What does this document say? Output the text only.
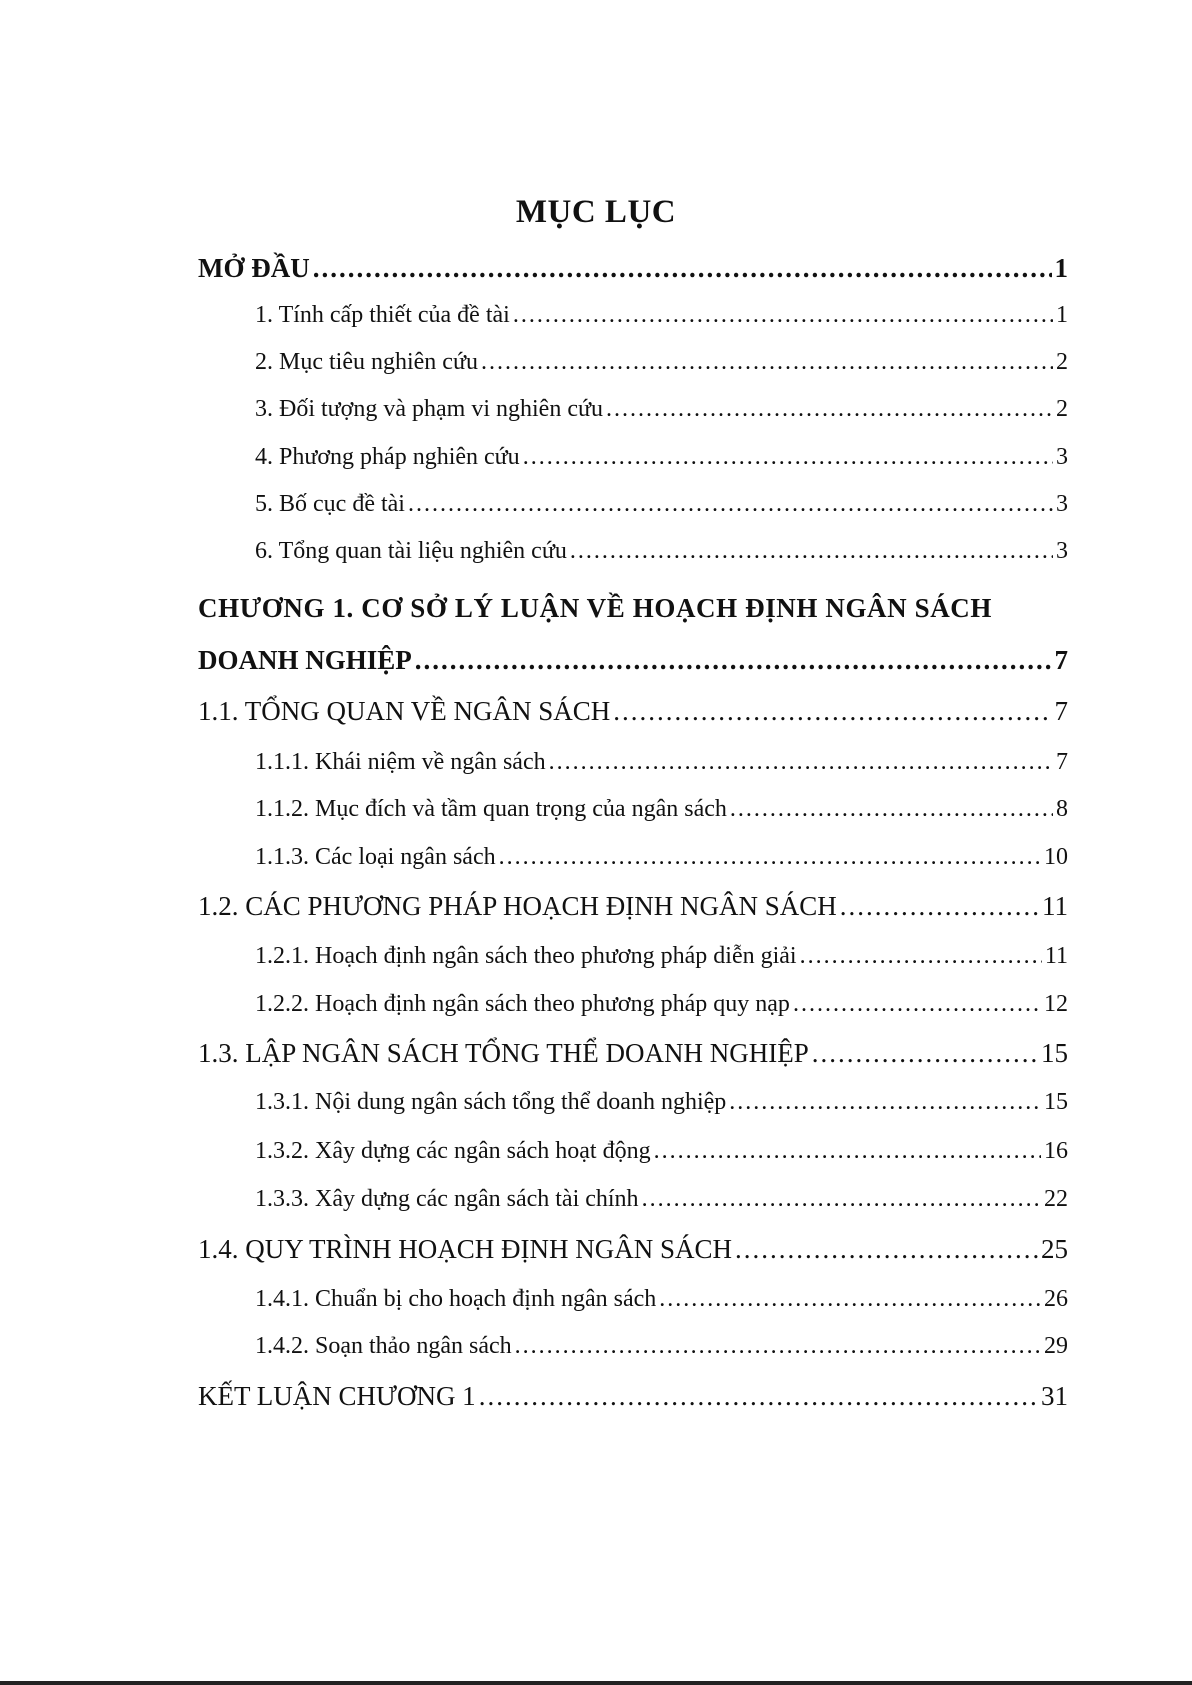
MỤC LỤC
MỞ ĐẦU .....	1
1. Tính cấp thiết của đề tài .....	1
2. Mục tiêu nghiên cứu .....	2
3. Đối tượng và phạm vi nghiên cứu .....	2
4. Phương pháp nghiên cứu .....	3
5. Bố cục đề tài .....	3
6. Tổng quan tài liệu nghiên cứu .....	3
CHƯƠNG 1. CƠ SỞ LÝ LUẬN VỀ HOẠCH ĐỊNH NGÂN SÁCH
DOANH NGHIỆP .....	7
1.1. TỔNG QUAN VỀ NGÂN SÁCH .....	7
1.1.1. Khái niệm về ngân sách .....	7
1.1.2. Mục đích và tầm quan trọng của ngân sách .....	8
1.1.3. Các loại ngân sách .....	10
1.2. CÁC PHƯƠNG PHÁP HOẠCH ĐỊNH NGÂN SÁCH .....	11
1.2.1. Hoạch định ngân sách theo phương pháp diễn giải .....	11
1.2.2. Hoạch định ngân sách theo phương pháp quy nạp .....	12
1.3. LẬP NGÂN SÁCH TỔNG THỂ DOANH NGHIỆP .....	15
1.3.1. Nội dung ngân sách tổng thể doanh nghiệp .....	15
1.3.2. Xây dựng các ngân sách hoạt động .....	16
1.3.3. Xây dựng các ngân sách tài chính .....	22
1.4. QUY TRÌNH HOẠCH ĐỊNH NGÂN SÁCH .....	25
1.4.1. Chuẩn bị cho hoạch định ngân sách .....	26
1.4.2. Soạn thảo ngân sách .....	29
KẾT LUẬN CHƯƠNG 1 .....	31
